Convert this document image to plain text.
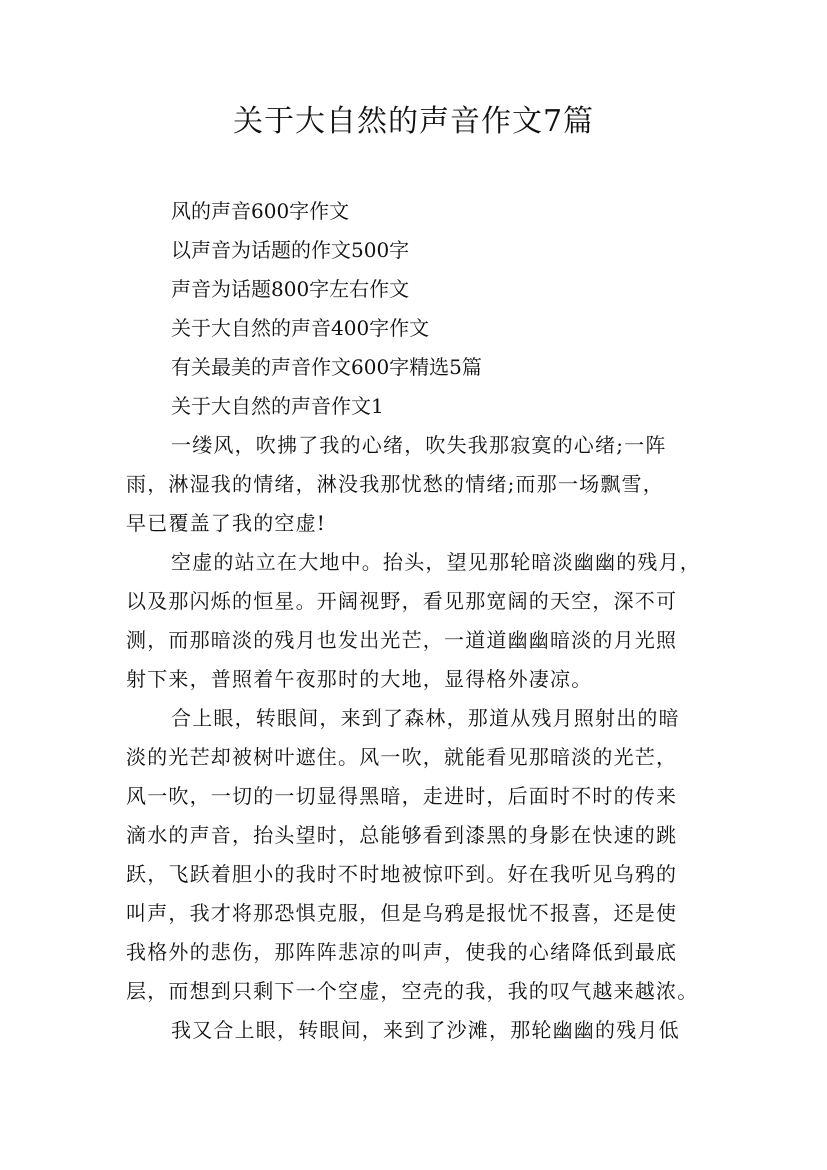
关于大自然的声音作文7篇
风的声音600字作文
以声音为话题的作文500字
声音为话题800字左右作文
关于大自然的声音400字作文
有关最美的声音作文600字精选5篇
关于大自然的声音作文1
一缕风，吹拂了我的心绪，吹失我那寂寞的心绪;一阵
雨，淋湿我的情绪，淋没我那忧愁的情绪;而那一场飘雪，
早已覆盖了我的空虚!
空虚的站立在大地中。抬头，望见那轮暗淡幽幽的残月，
以及那闪烁的恒星。开阔视野，看见那宽阔的天空，深不可
测，而那暗淡的残月也发出光芒，一道道幽幽暗淡的月光照
射下来，普照着午夜那时的大地，显得格外凄凉。
合上眼，转眼间，来到了森林，那道从残月照射出的暗
淡的光芒却被树叶遮住。风一吹，就能看见那暗淡的光芒，
风一吹，一切的一切显得黑暗，走进时，后面时不时的传来
滴水的声音，抬头望时，总能够看到漆黑的身影在快速的跳
跃，飞跃着胆小的我时不时地被惊吓到。好在我听见乌鸦的
叫声，我才将那恐惧克服，但是乌鸦是报忧不报喜，还是使
我格外的悲伤，那阵阵悲凉的叫声，使我的心绪降低到最底
层，而想到只剩下一个空虚，空壳的我，我的叹气越来越浓。
我又合上眼，转眼间，来到了沙滩，那轮幽幽的残月低
